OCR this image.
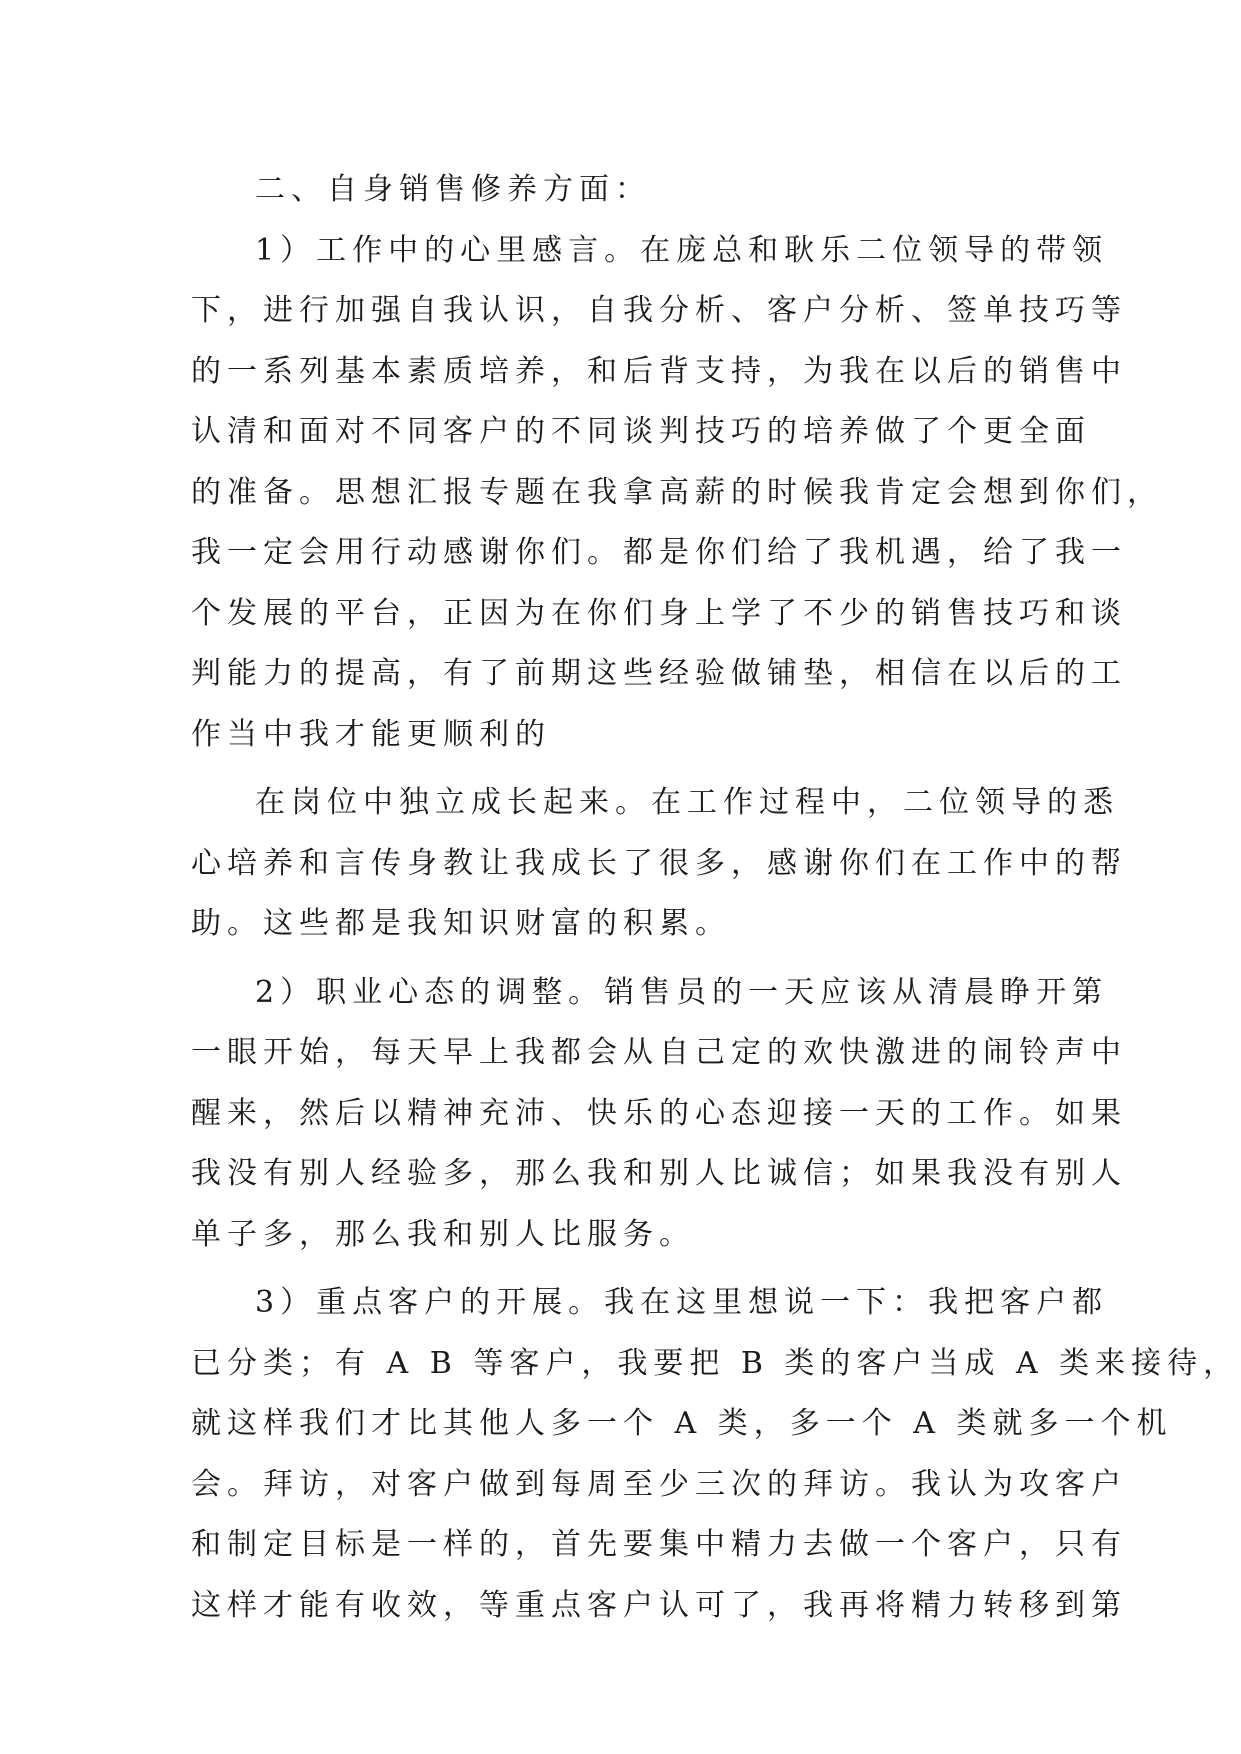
二、自身销售修养方面：
1）工作中的心里感言。在庞总和耿乐二位领导的带领
下，进行加强自我认识，自我分析、客户分析、签单技巧等
的一系列基本素质培养，和后背支持，为我在以后的销售中
认清和面对不同客户的不同谈判技巧的培养做了个更全面
的准备。思想汇报专题在我拿高薪的时候我肯定会想到你们，
我一定会用行动感谢你们。都是你们给了我机遇，给了我一
个发展的平台，正因为在你们身上学了不少的销售技巧和谈
判能力的提高，有了前期这些经验做铺垫，相信在以后的工
作当中我才能更顺利的
在岗位中独立成长起来。在工作过程中，二位领导的悉
心培养和言传身教让我成长了很多，感谢你们在工作中的帮
助。这些都是我知识财富的积累。
2）职业心态的调整。销售员的一天应该从清晨睁开第
一眼开始，每天早上我都会从自己定的欢快激进的闹铃声中
醒来，然后以精神充沛、快乐的心态迎接一天的工作。如果
我没有别人经验多，那么我和别人比诚信；如果我没有别人
单子多，那么我和别人比服务。
3）重点客户的开展。我在这里想说一下：我把客户都
已分类；有 A B 等客户，我要把 B 类的客户当成 A 类来接待，
就这样我们才比其他人多一个 A 类，多一个 A 类就多一个机
会。拜访，对客户做到每周至少三次的拜访。我认为攻客户
和制定目标是一样的，首先要集中精力去做一个客户，只有
这样才能有收效，等重点客户认可了，我再将精力转移到第
